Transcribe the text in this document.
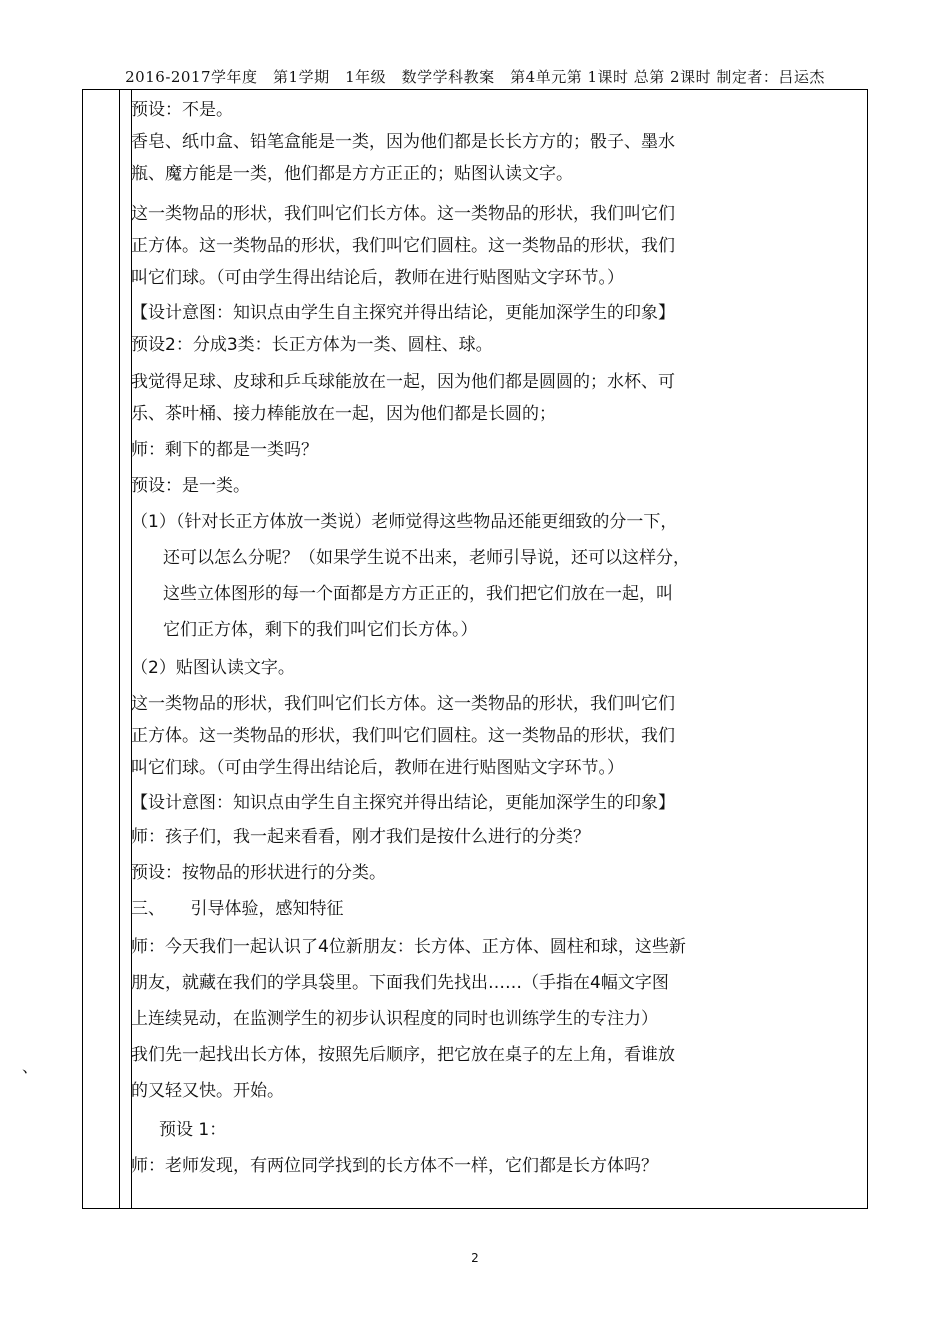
2016-2017学年度　第1学期　1年级　数学学科教案　第4单元第 1课时 总第 2课时 制定者：吕运杰
、
预设：不是。
香皂、纸巾盒、铅笔盒能是一类，因为他们都是长长方方的；骰子、墨水
瓶、魔方能是一类，他们都是方方正正的；贴图认读文字。
这一类物品的形状，我们叫它们长方体。这一类物品的形状，我们叫它们
正方体。这一类物品的形状，我们叫它们圆柱。这一类物品的形状，我们
叫它们球。（可由学生得出结论后，教师在进行贴图贴文字环节。）
【设计意图：知识点由学生自主探究并得出结论，更能加深学生的印象】
预设2：分成3类：长正方体为一类、圆柱、球。
我觉得足球、皮球和乒乓球能放在一起，因为他们都是圆圆的；水杯、可
乐、茶叶桶、接力棒能放在一起，因为他们都是长圆的；
师：剩下的都是一类吗？
预设：是一类。
（1）（针对长正方体放一类说）老师觉得这些物品还能更细致的分一下，
还可以怎么分呢？（如果学生说不出来，老师引导说，还可以这样分，
这些立体图形的每一个面都是方方正正的，我们把它们放在一起，叫
它们正方体，剩下的我们叫它们长方体。）
（2）贴图认读文字。
这一类物品的形状，我们叫它们长方体。这一类物品的形状，我们叫它们
正方体。这一类物品的形状，我们叫它们圆柱。这一类物品的形状，我们
叫它们球。（可由学生得出结论后，教师在进行贴图贴文字环节。）
【设计意图：知识点由学生自主探究并得出结论，更能加深学生的印象】
师：孩子们，我一起来看看，刚才我们是按什么进行的分类？
预设：按物品的形状进行的分类。
三、　　引导体验，感知特征
师：今天我们一起认识了4位新朋友：长方体、正方体、圆柱和球，这些新
朋友，就藏在我们的学具袋里。下面我们先找出……（手指在4幅文字图
上连续晃动，在监测学生的初步认识程度的同时也训练学生的专注力）
我们先一起找出长方体，按照先后顺序，把它放在桌子的左上角，看谁放
的又轻又快。开始。
预设 1：
师：老师发现，有两位同学找到的长方体不一样，它们都是长方体吗？
2
